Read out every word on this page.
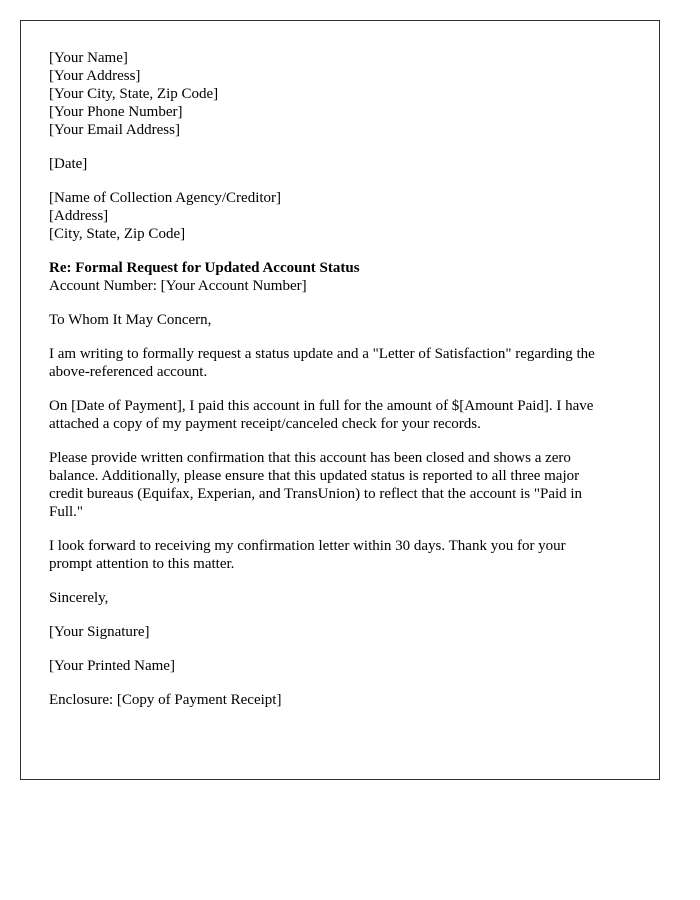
[Your Name]
[Your Address]
[Your City, State, Zip Code]
[Your Phone Number]
[Your Email Address]
[Date]
[Name of Collection Agency/Creditor]
[Address]
[City, State, Zip Code]
Re: Formal Request for Updated Account Status
Account Number: [Your Account Number]

To Whom It May Concern,

I am writing to formally request a status update and a "Letter of Satisfaction" regarding the
above-referenced account.

On [Date of Payment], I paid this account in full for the amount of $[Amount Paid]. I have
attached a copy of my payment receipt/canceled check for your records.

Please provide written confirmation that this account has been closed and shows a zero
balance. Additionally, please ensure that this updated status is reported to all three major
credit bureaus (Equifax, Experian, and TransUnion) to reflect that the account is "Paid in
Full."

I look forward to receiving my confirmation letter within 30 days. Thank you for your
prompt attention to this matter.

Sincerely,

[Your Signature]

[Your Printed Name]

Enclosure: [Copy of Payment Receipt]
